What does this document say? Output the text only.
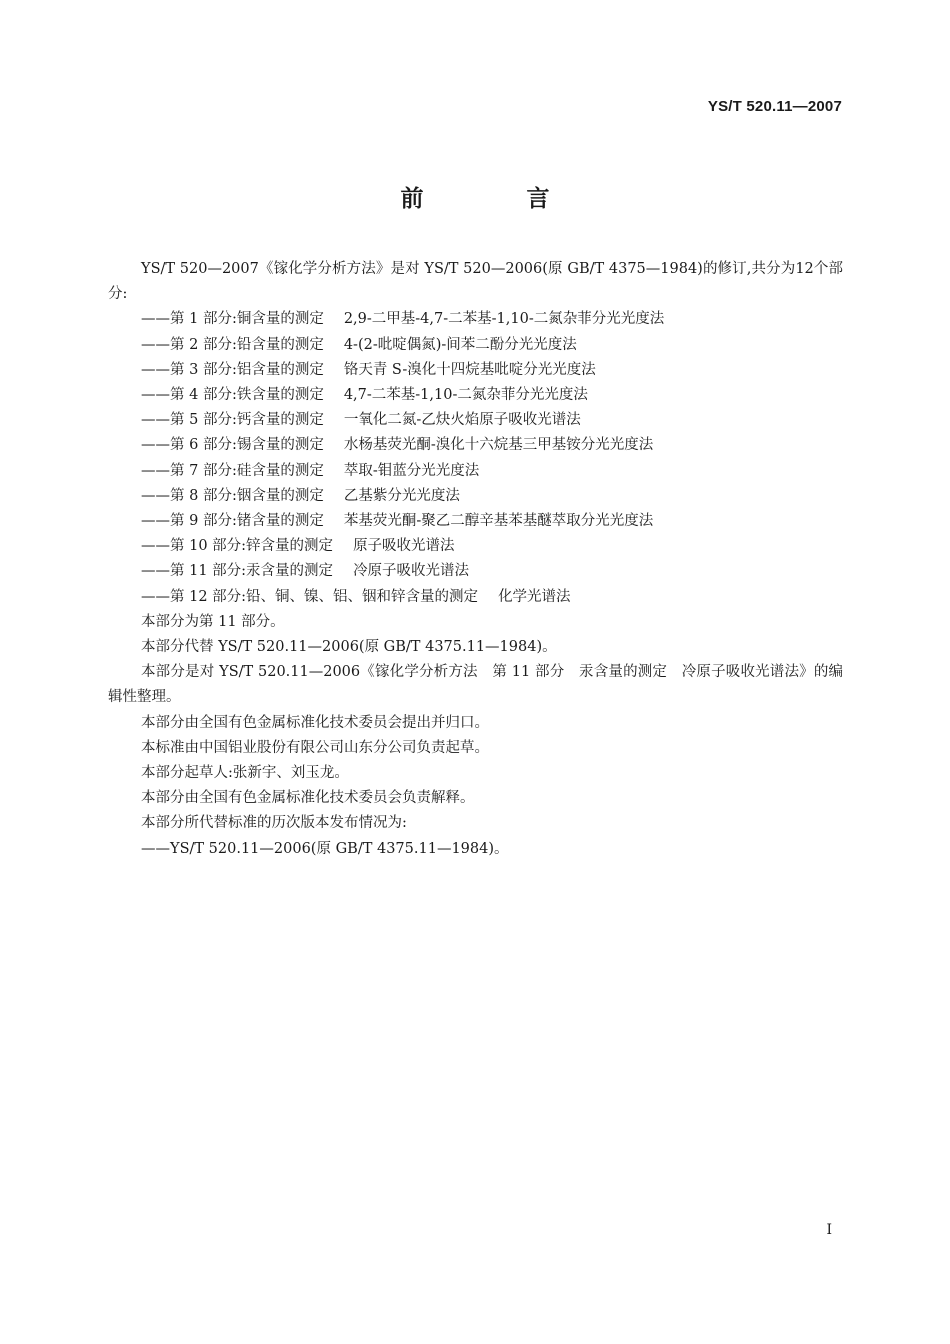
YS/T 520.11—2007
前　言

YS/T 520—2007《镓化学分析方法》是对 YS/T 520—2006(原 GB/T 4375—1984)的修订,共分为12个部分:

——第 1 部分:铜含量的测定 2,9-二甲基-4,7-二苯基-1,10-二氮杂菲分光光度法
——第 2 部分:铅含量的测定 4-(2-吡啶偶氮)-间苯二酚分光光度法
——第 3 部分:铝含量的测定 铬天青 S-溴化十四烷基吡啶分光光度法
——第 4 部分:铁含量的测定 4,7-二苯基-1,10-二氮杂菲分光光度法
——第 5 部分:钙含量的测定 一氧化二氮-乙炔火焰原子吸收光谱法
——第 6 部分:锡含量的测定 水杨基荧光酮-溴化十六烷基三甲基铵分光光度法
——第 7 部分:硅含量的测定 萃取-钼蓝分光光度法
——第 8 部分:铟含量的测定 乙基紫分光光度法
——第 9 部分:锗含量的测定 苯基荧光酮-聚乙二醇辛基苯基醚萃取分光光度法
——第 10 部分:锌含量的测定 原子吸收光谱法
——第 11 部分:汞含量的测定 冷原子吸收光谱法
——第 12 部分:铅、铜、镍、铝、铟和锌含量的测定 化学光谱法

本部分为第 11 部分。

本部分代替 YS/T 520.11—2006(原 GB/T 4375.11—1984)。

本部分是对 YS/T 520.11—2006《镓化学分析方法　第 11 部分　汞含量的测定　冷原子吸收光谱法》的编辑性整理。

本部分由全国有色金属标准化技术委员会提出并归口。

本标准由中国铝业股份有限公司山东分公司负责起草。

本部分起草人:张新宇、刘玉龙。

本部分由全国有色金属标准化技术委员会负责解释。

本部分所代替标准的历次版本发布情况为:

——YS/T 520.11—2006(原 GB/T 4375.11—1984)。
I
